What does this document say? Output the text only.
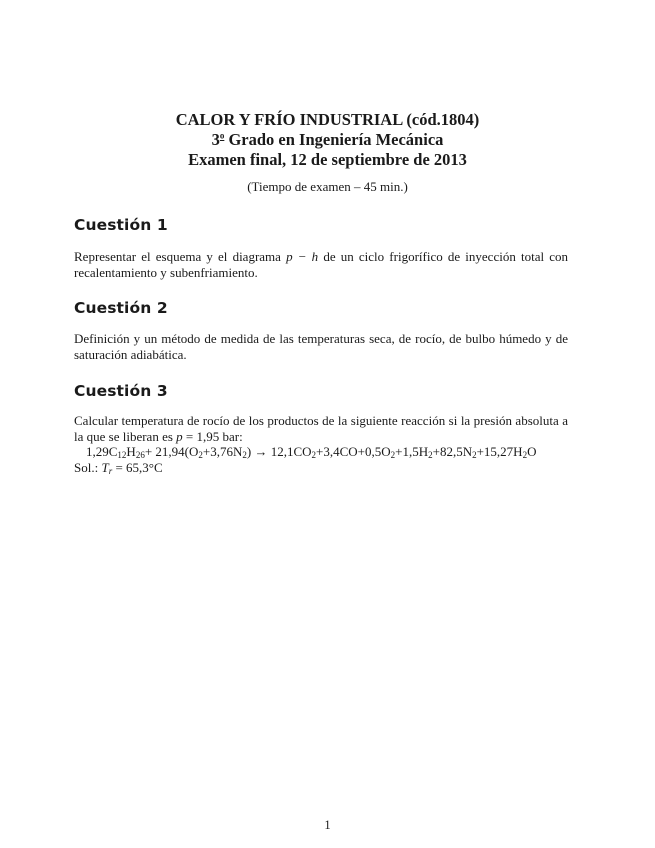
CALOR Y FRÍO INDUSTRIAL (cód.1804)
3$^o$ Grado en Ingeniería Mecánica
Examen final, 12 de septiembre de 2013
(Tiempo de examen – 45 min.)
Cuestión 1
Representar el esquema y el diagrama p − h de un ciclo frigorífico de inyección total con recalentamiento y subenfriamiento.
Cuestión 2
Definición y un método de medida de las temperaturas seca, de rocío, de bulbo húmedo y de saturación adiabática.
Cuestión 3
Calcular temperatura de rocío de los productos de la siguiente reacción si la presión absoluta a la que se liberan es p = 1,95 bar:
$1,29C_{12}H_{26}+ 21,94(O_2+3,76N_2) \to 12,1CO_2+3,4CO+0,5O_2+1,5H_2+82,5N_2+15,27H_2O$
Sol.: $T_r = 65,3^\circ C$
1
